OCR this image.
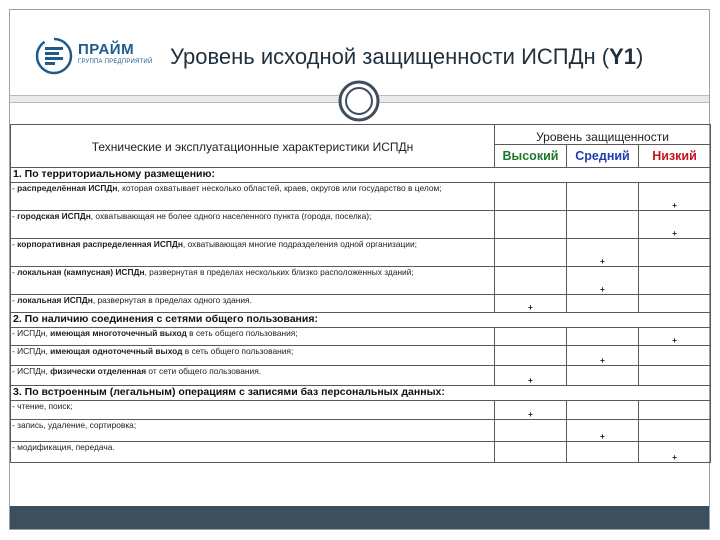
ПРАЙМ
ГРУППА ПРЕДПРИЯТИЙ Уровень исходной защищенности ИСПДн (Y1)
Технические и эксплуатационные характеристики ИСПДн	Уровень защищенности		
	Высокий	Средний	Низкий
1. По территориальному размещению:			
- распределённая ИСПДн, которая охватывает несколько областей, краев, округов или государство в целом;			+
- городская ИСПДн, охватывающая не более одного населенного пункта (города, поселка);			+
- корпоративная распределенная ИСПДн, охватывающая многие подразделения одной организации;		+	
- локальная (кампусная) ИСПДн, развернутая в пределах нескольких близко расположенных зданий;		+	
- локальная ИСПДн, развернутая в пределах одного здания.	+		
2. По наличию соединения с сетями общего пользования:			
- ИСПДн, имеющая многоточечный выход в сеть общего пользования;			+
- ИСПДн, имеющая одноточечный выход в сеть общего пользования;		+	
- ИСПДн, физически отделенная от сети общего пользования.	+		
3. По встроенным (легальным) операциям с записями баз персональных данных:			
- чтение, поиск;	+		
- запись, удаление, сортировка;		+	
- модификация, передача.			+
